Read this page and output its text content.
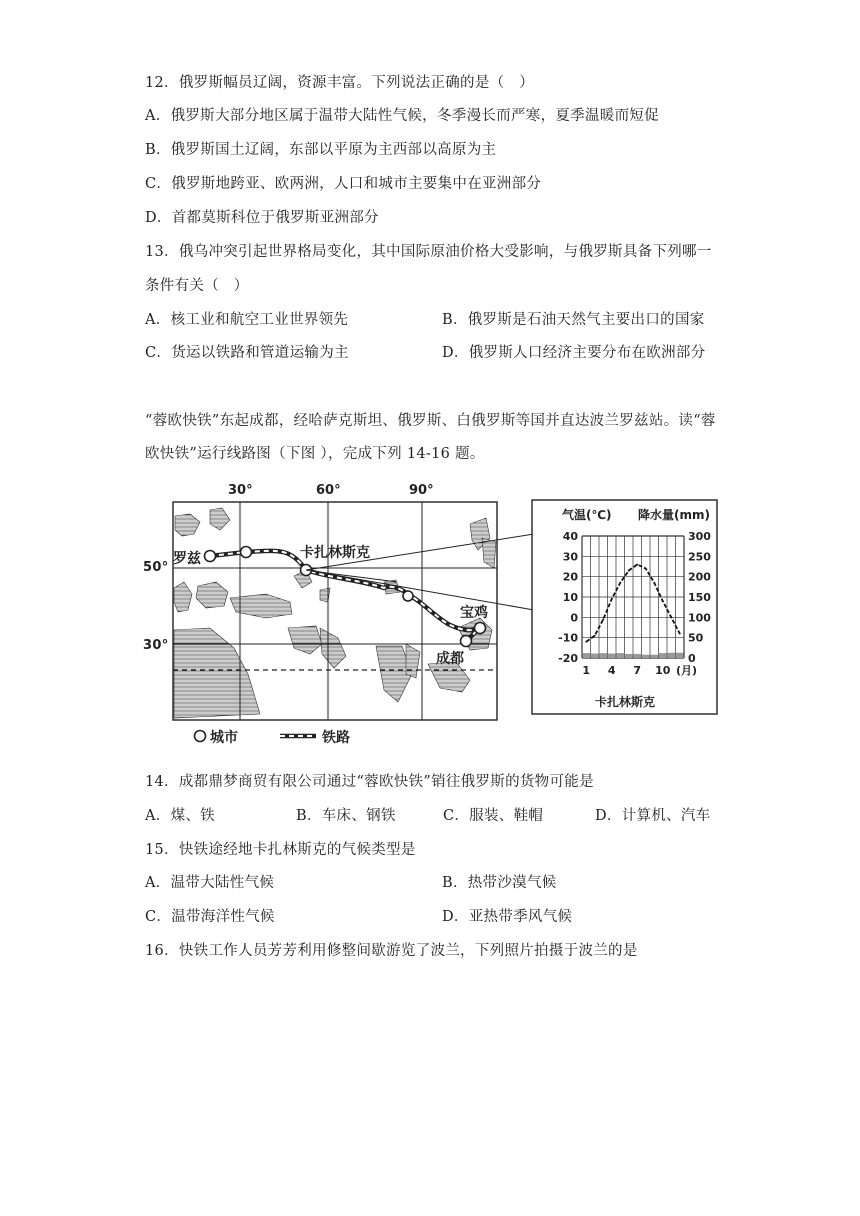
12．俄罗斯幅员辽阔，资源丰富。下列说法正确的是（　）
A．俄罗斯大部分地区属于温带大陆性气候，冬季漫长而严寒，夏季温暖而短促
B．俄罗斯国土辽阔，东部以平原为主西部以高原为主
C．俄罗斯地跨亚、欧两洲，人口和城市主要集中在亚洲部分
D．首都莫斯科位于俄罗斯亚洲部分
13．俄乌冲突引起世界格局变化，其中国际原油价格大受影响，与俄罗斯具备下列哪一
条件有关（　）
A．核工业和航空工业世界领先	B．俄罗斯是石油天然气主要出口的国家
C．货运以铁路和管道运输为主	D．俄罗斯人口经济主要分布在欧洲部分
“蓉欧快铁”东起成都，经哈萨克斯坦、俄罗斯、白俄罗斯等国并直达波兰罗兹站。读“蓉
欧快铁”运行线路图（下图 ），完成下列 14-16 题。
30°	60°	90°
罗兹	卡扎林斯克
宝鸡
成都
城市	铁路
气温(℃) 降水量(mm)
40
30
20
10
0
-10
-20
300
250
200
150
100
50
0
1 4 7 10 (月)
卡扎林斯克
50°
30°
14．成都鼎梦商贸有限公司通过“蓉欧快铁”销往俄罗斯的货物可能是
A．煤、铁	B．车床、钢铁	C．服装、鞋帽	D．计算机、汽车
15．快铁途经地卡扎林斯克的气候类型是
A．温带大陆性气候	B．热带沙漠气候
C．温带海洋性气候	D．亚热带季风气候
16．快铁工作人员芳芳利用修整间歇游览了波兰，下列照片拍摄于波兰的是
